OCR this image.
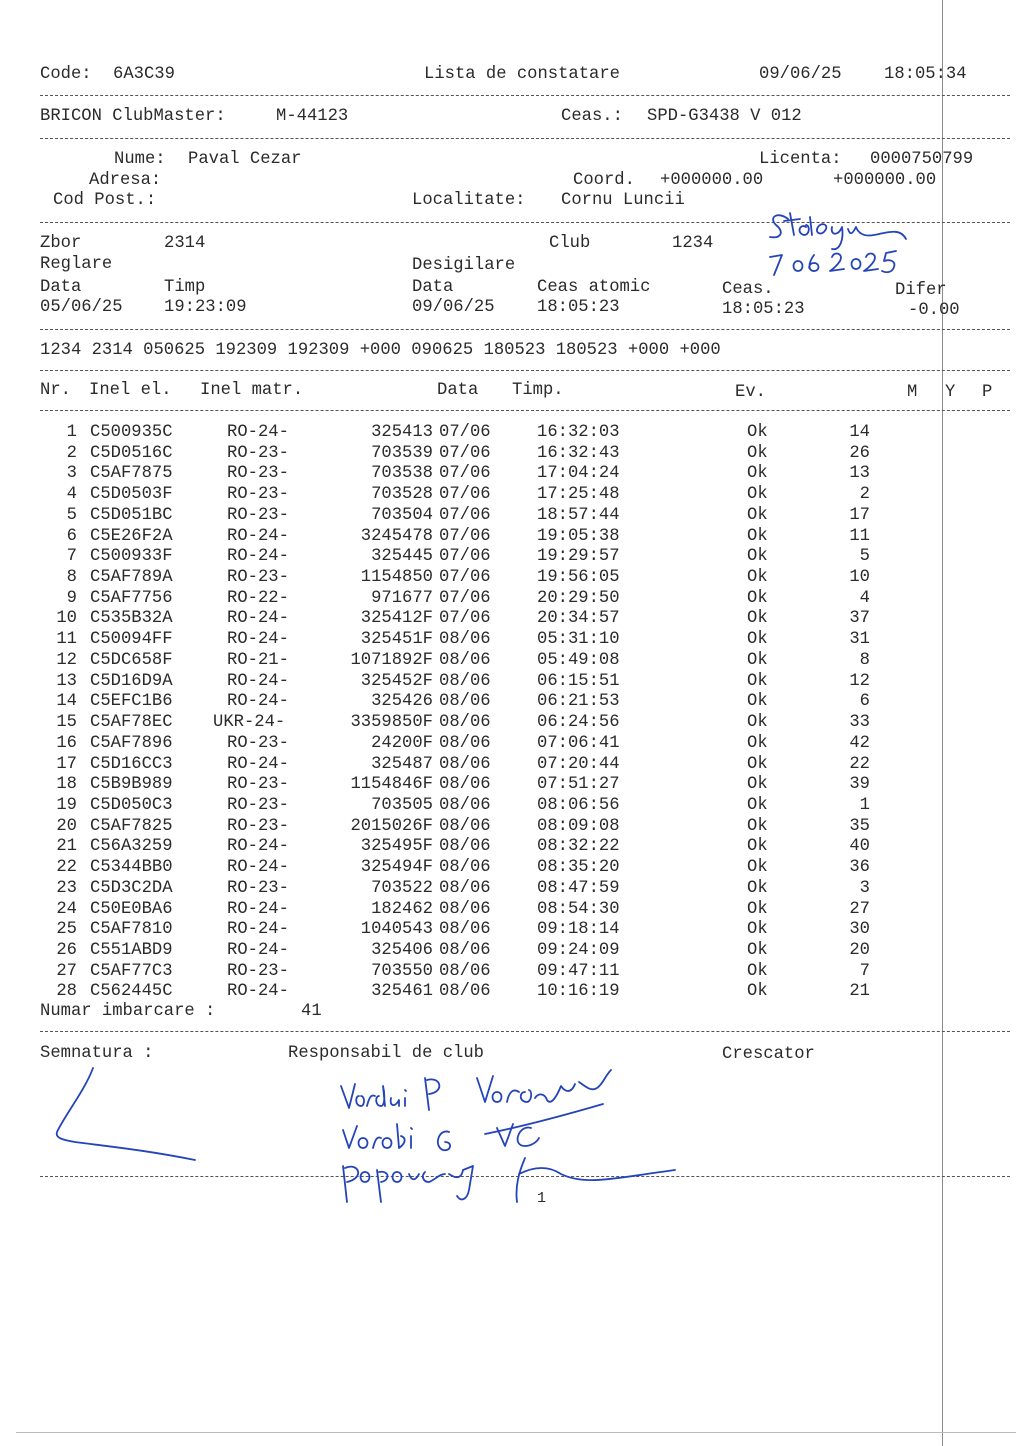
Code: 6A3C39	Lista de constatare	09/06/25 18:05:34
BRICON ClubMaster:	M-44123	Ceas.: SPD-G3438 V 012
Nume: Paval Cezar	Licenta: 0000750799
Adresa:	Coord. +000000.00	+000000.00
Cod Post.:	Localitate: Cornu Luncii
Zbor	2314	Club	1234
Reglare	Desigilare
Data	Timp	Data	Ceas atomic	Ceas.	Difer
05/06/25 19:23:09	09/06/25 18:05:23	18:05:23	-0.00
1234 2314 050625 192309 192309 +000 090625 180523 180523 +000 +000
Nr. Inel el. Inel matr.	Data Timp.	Ev.	M Y P
1 C500935C	RO-24-	325413 07/06	16:32:03	Ok	14
2 C5D0516C	RO-23-	703539 07/06	16:32:43	Ok	26
3 C5AF7875	RO-23-	703538 07/06	17:04:24	Ok	13
4 C5D0503F	RO-23-	703528 07/06	17:25:48	Ok	2
5 C5D051BC	RO-23-	703504 07/06	18:57:44	Ok	17
6 C5E26F2A	RO-24-	3245478 07/06	19:05:38	Ok	11
7 C500933F	RO-24-	325445 07/06	19:29:57	Ok	5
8 C5AF789A	RO-23-	1154850 07/06	19:56:05	Ok	10
9 C5AF7756	RO-22-	971677 07/06	20:29:50	Ok	4
10 C535B32A	RO-24-	325412F 07/06	20:34:57	Ok	37
11 C50094FF	RO-24-	325451F 08/06	05:31:10	Ok	31
12 C5DC658F	RO-21-	1071892F 08/06	05:49:08	Ok	8
13 C5D16D9A	RO-24-	325452F 08/06	06:15:51	Ok	12
14 C5EFC1B6	RO-24-	325426 08/06	06:21:53	Ok	6
15 C5AF78EC UKR-24-	3359850F 08/06	06:24:56	Ok	33
16 C5AF7896	RO-23-	24200F 08/06	07:06:41	Ok	42
17 C5D16CC3	RO-24-	325487 08/06	07:20:44	Ok	22
18 C5B9B989	RO-23-	1154846F 08/06	07:51:27	Ok	39
19 C5D050C3	RO-23-	703505 08/06	08:06:56	Ok	1
20 C5AF7825	RO-23-	2015026F 08/06	08:09:08	Ok	35
21 C56A3259	RO-24-	325495F 08/06	08:32:22	Ok	40
22 C5344BB0	RO-24-	325494F 08/06	08:35:20	Ok	36
23 C5D3C2DA	RO-23-	703522 08/06	08:47:59	Ok	3
24 C50E0BA6	RO-24-	182462 08/06	08:54:30	Ok	27
25 C5AF7810	RO-24-	1040543 08/06	09:18:14	Ok	30
26 C551ABD9	RO-24-	325406 08/06	09:24:09	Ok	20
27 C5AF77C3	RO-23-	703550 08/06	09:47:11	Ok	7
28 C562445C	RO-24-	325461 08/06	10:16:19	Ok	21
Numar imbarcare :	41
Semnatura :	Responsabil de club	Crescator
1
